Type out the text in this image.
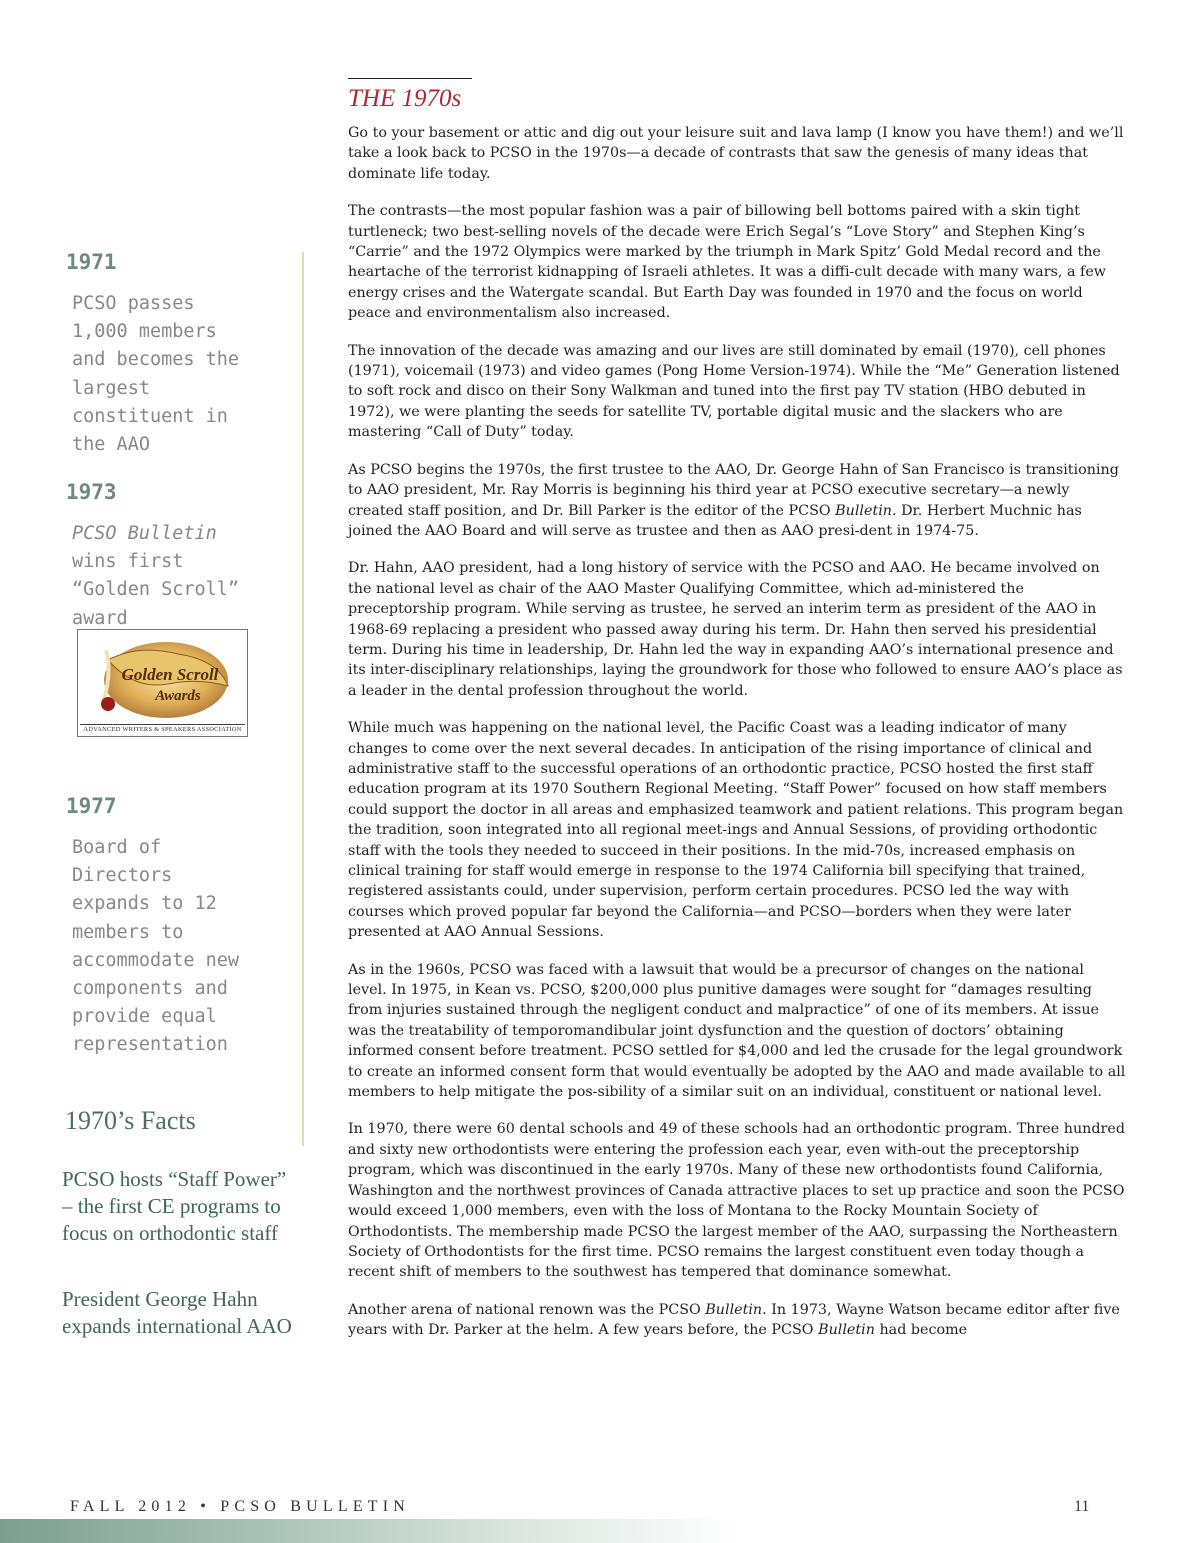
THE 1970s

Go to your basement or attic and dig out your leisure suit and lava lamp (I know you have them!) and we’ll take a look back to PCSO in the 1970s—a decade of contrasts that saw the genesis of many ideas that dominate life today.

The contrasts—the most popular fashion was a pair of billowing bell bottoms paired with a skin tight turtleneck; two best-selling novels of the decade were Erich Segal’s “Love Story” and Stephen King’s “Carrie” and the 1972 Olympics were marked by the triumph in Mark Spitz’ Gold Medal record and the heartache of the terrorist kidnapping of Israeli athletes. It was a diffi-cult decade with many wars, a few energy crises and the Watergate scandal. But Earth Day was founded in 1970 and the focus on world peace and environmentalism also increased.

The innovation of the decade was amazing and our lives are still dominated by email (1970), cell phones (1971), voicemail (1973) and video games (Pong Home Version-1974). While the “Me” Generation listened to soft rock and disco on their Sony Walkman and tuned into the first pay TV station (HBO debuted in 1972), we were planting the seeds for satellite TV, portable digital music and the slackers who are mastering “Call of Duty” today.

As PCSO begins the 1970s, the first trustee to the AAO, Dr. George Hahn of San Francisco is transitioning to AAO president, Mr. Ray Morris is beginning his third year at PCSO executive secretary—a newly created staff position, and Dr. Bill Parker is the editor of the PCSO Bulletin. Dr. Herbert Muchnic has joined the AAO Board and will serve as trustee and then as AAO presi-dent in 1974-75.

Dr. Hahn, AAO president, had a long history of service with the PCSO and AAO. He became involved on the national level as chair of the AAO Master Qualifying Committee, which ad-ministered the preceptorship program. While serving as trustee, he served an interim term as president of the AAO in 1968-69 replacing a president who passed away during his term. Dr. Hahn then served his presidential term. During his time in leadership, Dr. Hahn led the way in expanding AAO’s international presence and its inter-disciplinary relationships, laying the groundwork for those who followed to ensure AAO’s place as a leader in the dental profession throughout the world.

While much was happening on the national level, the Pacific Coast was a leading indicator of many changes to come over the next several decades. In anticipation of the rising importance of clinical and administrative staff to the successful operations of an orthodontic practice, PCSO hosted the first staff education program at its 1970 Southern Regional Meeting. “Staff Power” focused on how staff members could support the doctor in all areas and emphasized teamwork and patient relations. This program began the tradition, soon integrated into all regional meet-ings and Annual Sessions, of providing orthodontic staff with the tools they needed to succeed in their positions. In the mid-70s, increased emphasis on clinical training for staff would emerge in response to the 1974 California bill specifying that trained, registered assistants could, under supervision, perform certain procedures. PCSO led the way with courses which proved popular far beyond the California—and PCSO—borders when they were later presented at AAO Annual Sessions.

As in the 1960s, PCSO was faced with a lawsuit that would be a precursor of changes on the national level. In 1975, in Kean vs. PCSO, $200,000 plus punitive damages were sought for “damages resulting from injuries sustained through the negligent conduct and malpractice” of one of its members. At issue was the treatability of temporomandibular joint dysfunction and the question of doctors’ obtaining informed consent before treatment. PCSO settled for $4,000 and led the crusade for the legal groundwork to create an informed consent form that would eventually be adopted by the AAO and made available to all members to help mitigate the pos-sibility of a similar suit on an individual, constituent or national level.

In 1970, there were 60 dental schools and 49 of these schools had an orthodontic program. Three hundred and sixty new orthodontists were entering the profession each year, even with-out the preceptorship program, which was discontinued in the early 1970s. Many of these new orthodontists found California, Washington and the northwest provinces of Canada attractive places to set up practice and soon the PCSO would exceed 1,000 members, even with the loss of Montana to the Rocky Mountain Society of Orthodontists. The membership made PCSO the largest member of the AAO, surpassing the Northeastern Society of Orthodontists for the first time. PCSO remains the largest constituent even today though a recent shift of members to the southwest has tempered that dominance somewhat.

Another arena of national renown was the PCSO Bulletin. In 1973, Wayne Watson became editor after five years with Dr. Parker at the helm. A few years before, the PCSO Bulletin had become

1971
PCSO passes 1,000 members and becomes the largest constituent in the AAO
1973
PCSO Bulletin wins first “Golden Scroll” award
Golden Scroll
Awards
ADVANCED WRITERS & SPEAKERS ASSOCIATION
1977
Board of Directors expands to 12 members to accommodate new components and provide equal representation
1970’s Facts
PCSO hosts “Staff Power” – the first CE programs to focus on orthodontic staff
President George Hahn expands international AAO
FALL 2012 • PCSO BULLETIN	11
